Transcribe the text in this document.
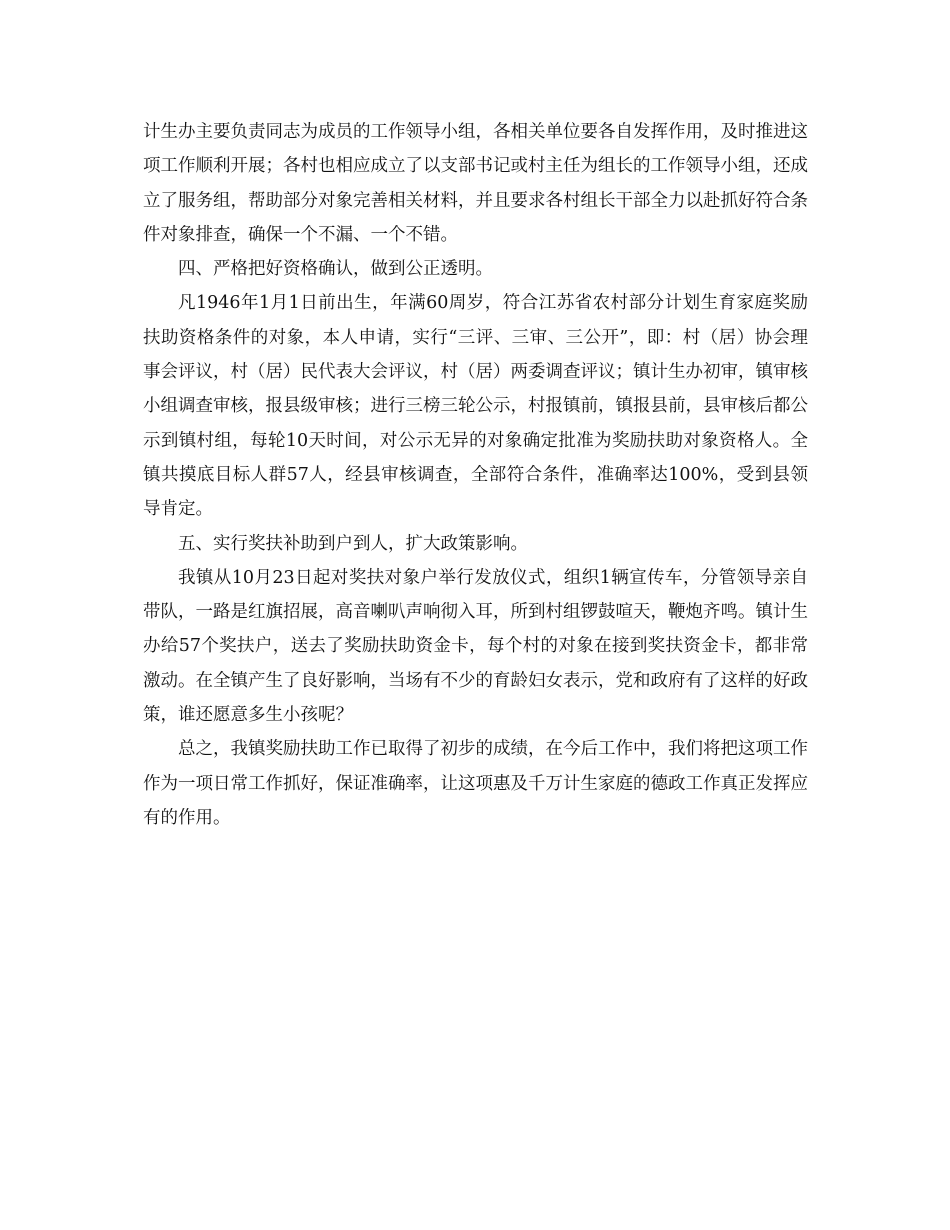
计生办主要负责同志为成员的工作领导小组，各相关单位要各自发挥作用，及时推进这项工作顺利开展；各村也相应成立了以支部书记或村主任为组长的工作领导小组，还成立了服务组，帮助部分对象完善相关材料，并且要求各村组长干部全力以赴抓好符合条件对象排查，确保一个不漏、一个不错。

四、严格把好资格确认，做到公正透明。

凡1946年1月1日前出生，年满60周岁，符合江苏省农村部分计划生育家庭奖励扶助资格条件的对象，本人申请，实行“三评、三审、三公开”，即：村（居）协会理事会评议，村（居）民代表大会评议，村（居）两委调查评议；镇计生办初审，镇审核小组调查审核，报县级审核；进行三榜三轮公示，村报镇前，镇报县前，县审核后都公示到镇村组，每轮10天时间，对公示无异的对象确定批准为奖励扶助对象资格人。全镇共摸底目标人群57人，经县审核调查，全部符合条件，准确率达100%，受到县领导肯定。

五、实行奖扶补助到户到人，扩大政策影响。

我镇从10月23日起对奖扶对象户举行发放仪式，组织1辆宣传车，分管领导亲自带队，一路是红旗招展，高音喇叭声响彻入耳，所到村组锣鼓喧天，鞭炮齐鸣。镇计生办给57个奖扶户，送去了奖励扶助资金卡，每个村的对象在接到奖扶资金卡，都非常激动。在全镇产生了良好影响，当场有不少的育龄妇女表示，党和政府有了这样的好政策，谁还愿意多生小孩呢？

总之，我镇奖励扶助工作已取得了初步的成绩，在今后工作中，我们将把这项工作作为一项日常工作抓好，保证准确率，让这项惠及千万计生家庭的德政工作真正发挥应有的作用。
